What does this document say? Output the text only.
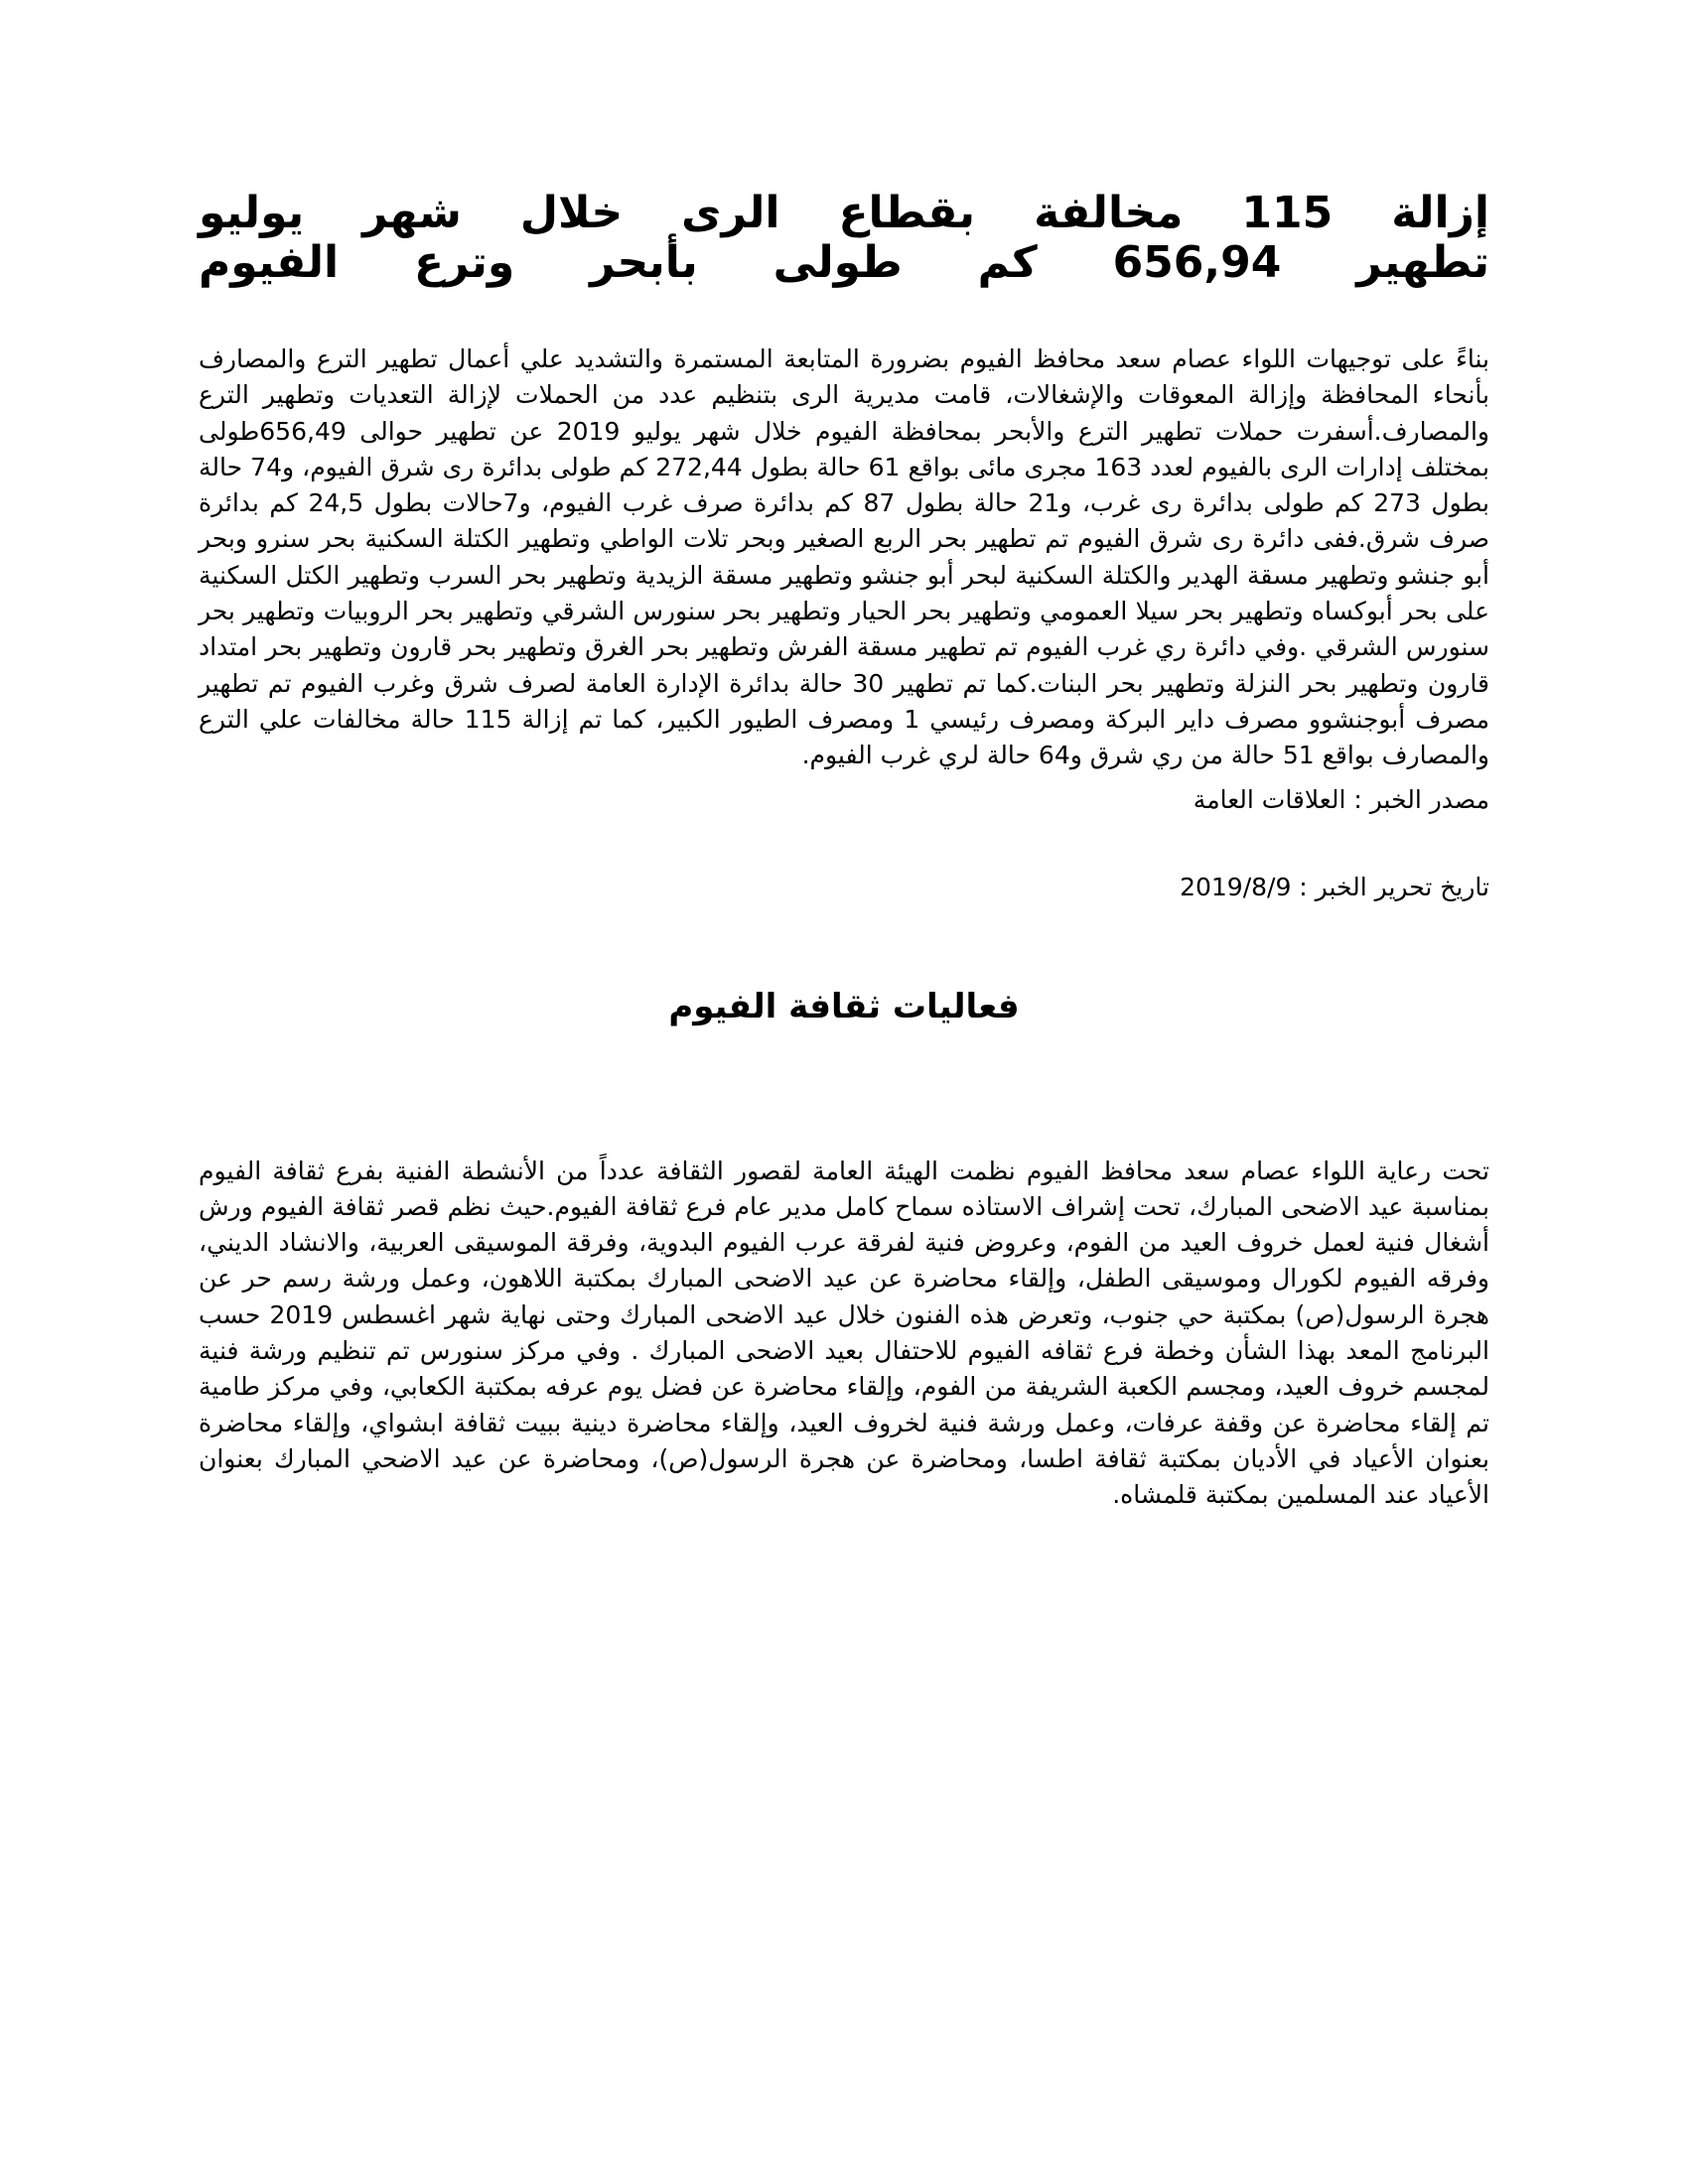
إزالة 115 مخالفة بقطاع الرى خلال شهر يوليو
تطهير 656,94 كم طولى بأبحر وترع الفيوم

بناءً على توجيهات اللواء عصام سعد محافظ الفيوم بضرورة المتابعة المستمرة والتشديد علي أعمال تطهير الترع والمصارف بأنحاء المحافظة وإزالة المعوقات والإشغالات، قامت مديرية الرى بتنظيم عدد من الحملات لإزالة التعديات وتطهير الترع والمصارف.أسفرت حملات تطهير الترع والأبحر بمحافظة الفيوم خلال شهر يوليو 2019 عن تطهير حوالى 656,49طولى بمختلف إدارات الرى بالفيوم لعدد 163 مجرى مائى بواقع 61 حالة بطول 272,44 كم طولى بدائرة رى شرق الفيوم، و74 حالة بطول 273 كم طولى بدائرة رى غرب، و21 حالة بطول 87 كم بدائرة صرف غرب الفيوم، و7حالات بطول 24,5 كم بدائرة صرف شرق.ففى دائرة رى شرق الفيوم تم تطهير بحر الربع الصغير وبحر تلات الواطي وتطهير الكتلة السكنية بحر سنرو وبحر أبو جنشو وتطهير مسقة الهدير والكتلة السكنية لبحر أبو جنشو وتطهير مسقة الزيدية وتطهير بحر السرب وتطهير الكتل السكنية على بحر أبوكساه وتطهير بحر سيلا العمومي وتطهير بحر الحيار وتطهير بحر سنورس الشرقي وتطهير بحر الروبيات وتطهير بحر سنورس الشرقي .وفي دائرة ري غرب الفيوم تم تطهير مسقة الفرش وتطهير بحر الغرق وتطهير بحر قارون وتطهير بحر امتداد قارون وتطهير بحر النزلة وتطهير بحر البنات.كما تم تطهير 30 حالة بدائرة الإدارة العامة لصرف شرق وغرب الفيوم تم تطهير مصرف أبوجنشوو مصرف داير البركة ومصرف رئيسي 1 ومصرف الطيور الكبير، كما تم إزالة 115 حالة مخالفات علي الترع والمصارف بواقع 51 حالة من ري شرق و64 حالة لري غرب الفيوم.

مصدر الخبر : العلاقات العامة

تاريخ تحرير الخبر : 2019/8/9

فعاليات ثقافة الفيوم

تحت رعاية اللواء عصام سعد محافظ الفيوم نظمت الهيئة العامة لقصور الثقافة عدداً من الأنشطة الفنية بفرع ثقافة الفيوم بمناسبة عيد الاضحى المبارك، تحت إشراف الاستاذه سماح كامل مدير عام فرع ثقافة الفيوم.حيث نظم قصر ثقافة الفيوم ورش أشغال فنية لعمل خروف العيد من الفوم، وعروض فنية لفرقة عرب الفيوم البدوية، وفرقة الموسيقى العربية، والانشاد الديني، وفرقه الفيوم لكورال وموسيقى الطفل، وإلقاء محاضرة عن عيد الاضحى المبارك بمكتبة اللاهون، وعمل ورشة رسم حر عن هجرة الرسول(ص) بمكتبة حي جنوب، وتعرض هذه الفنون خلال عيد الاضحى المبارك وحتى نهاية شهر اغسطس 2019 حسب البرنامج المعد بهذا الشأن وخطة فرع ثقافه الفيوم للاحتفال بعيد الاضحى المبارك . وفي مركز سنورس تم تنظيم ورشة فنية لمجسم خروف العيد، ومجسم الكعبة الشريفة من الفوم، وإلقاء محاضرة عن فضل يوم عرفه بمكتبة الكعابي، وفي مركز طامية تم إلقاء محاضرة عن وقفة عرفات، وعمل ورشة فنية لخروف العيد، وإلقاء محاضرة دينية ببيت ثقافة ابشواي، وإلقاء محاضرة بعنوان الأعياد في الأديان بمكتبة ثقافة اطسا، ومحاضرة عن هجرة الرسول(ص)، ومحاضرة عن عيد الاضحي المبارك بعنوان الأعياد عند المسلمين بمكتبة قلمشاه.
